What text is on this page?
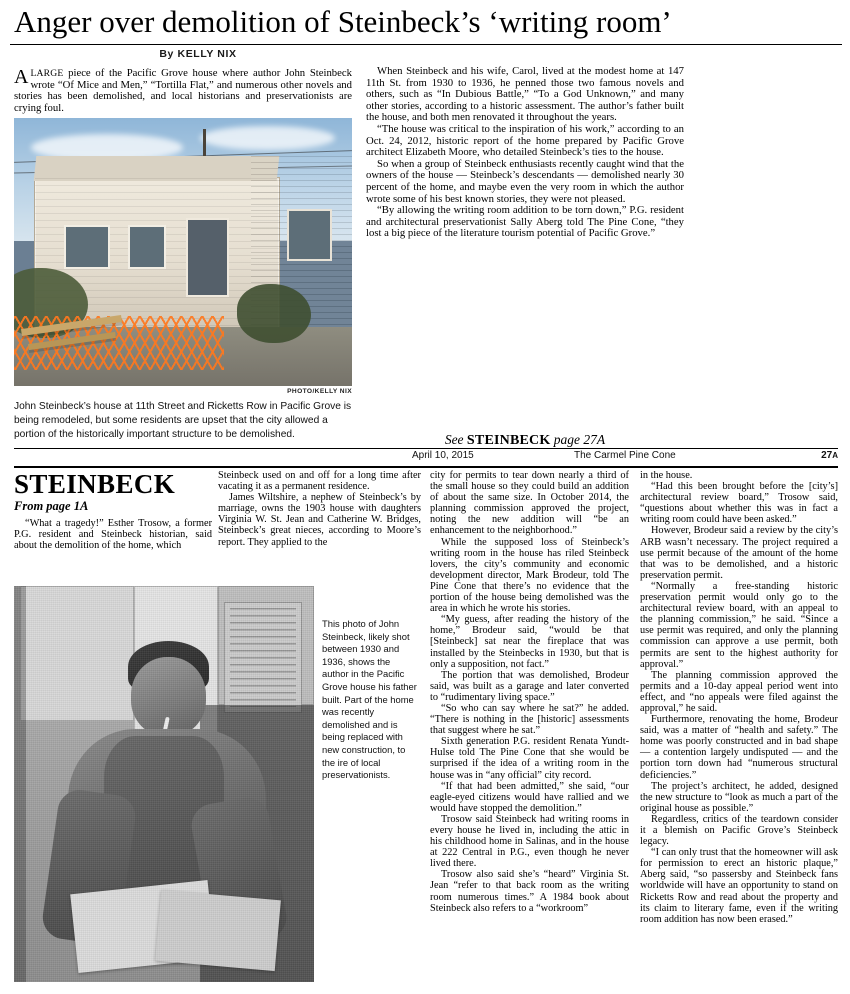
Anger over demolition of Steinbeck’s ‘writing room’
By KELLY NIX

ALARGE piece of the Pacific Grove house where author John Steinbeck wrote “Of Mice and Men,” “Tortilla Flat,” and numerous other novels and stories has been demolished, and local historians and preservationists are crying foul.

PHOTO/KELLY NIX
John Steinbeck’s house at 11th Street and Ricketts Row in Pacific Grove is being remodeled, but some residents are upset that the city allowed a portion of the historically important structure to be demolished.

When Steinbeck and his wife, Carol, lived at the modest home at 147 11th St. from 1930 to 1936, he penned those two famous novels and others, such as “In Dubious Battle,” “To a God Unknown,” and many other stories, according to a historic assessment. The author’s father built the house, and both men renovated it throughout the years.

“The house was critical to the inspiration of his work,” according to an Oct. 24, 2012, historic report of the home prepared by Pacific Grove architect Elizabeth Moore, who detailed Steinbeck’s ties to the house.

So when a group of Steinbeck enthusiasts recently caught wind that the owners of the house — Steinbeck’s descendants — demolished nearly 30 percent of the home, and maybe even the very room in which the author wrote some of his best known stories, they were not pleased.

“By allowing the writing room addition to be torn down,” P.G. resident and architectural preservationist Sally Aberg told The Pine Cone, “they lost a big piece of the literature tourism potential of Pacific Grove.”

See STEINBECK page 27A
April 10, 2015	The Carmel Pine Cone	27A
STEINBECK
From page 1A

“What a tragedy!” Esther Trosow, a former P.G. resident and Steinbeck historian, said about the demolition of the home, which

Steinbeck used on and off for a long time after vacating it as a permanent residence.

James Wiltshire, a nephew of Steinbeck’s by marriage, owns the 1903 house with daughters Virginia W. St. Jean and Catherine W. Bridges, Steinbeck’s great nieces, according to Moore’s report. They applied to the

city for permits to tear down nearly a third of the small house so they could build an addition of about the same size. In October 2014, the planning commission approved the project, noting the new addition will “be an enhancement to the neighborhood.”

While the supposed loss of Steinbeck’s writing room in the house has riled Steinbeck lovers, the city’s community and economic development director, Mark Brodeur, told The Pine Cone that there’s no evidence that the portion of the house being demolished was the area in which he wrote his stories.

“My guess, after reading the history of the home,” Brodeur said, “would be that [Steinbeck] sat near the fireplace that was installed by the Steinbecks in 1930, but that is only a supposition, not fact.”

The portion that was demolished, Brodeur said, was built as a garage and later converted to “rudimentary living space.”

“So who can say where he sat?” he added. “There is nothing in the [historic] assessments that suggest where he sat.”

Sixth generation P.G. resident Renata Yundt-Hulse told The Pine Cone that she would be surprised if the idea of a writing room in the house was in “any official” city record.

“If that had been admitted,” she said, “our eagle-eyed citizens would have rallied and we would have stopped the demolition.”

Trosow said Steinbeck had writing rooms in every house he lived in, including the attic in his childhood home in Salinas, and in the house at 222 Central in P.G., even though he never lived there.

Trosow also said she’s “heard” Virginia St. Jean “refer to that back room as the writing room numerous times.” A 1984 book about Steinbeck also refers to a “workroom”

in the house.

“Had this been brought before the [city’s] architectural review board,” Trosow said, “questions about whether this was in fact a writing room could have been asked.”

However, Brodeur said a review by the city’s ARB wasn’t necessary. The project required a use permit because of the amount of the home that was to be demolished, and a historic preservation permit.

“Normally a free-standing historic preservation permit would only go to the architectural review board, with an appeal to the planning commission,” he said. “Since a use permit was required, and only the planning commission can approve a use permit, both permits are sent to the highest authority for approval.”

The planning commission approved the permits and a 10-day appeal period went into effect, and “no appeals were filed against the approval,” he said.

Furthermore, renovating the home, Brodeur said, was a matter of “health and safety.” The home was poorly constructed and in bad shape — a contention largely undisputed — and the portion torn down had “numerous structural deficiencies.”

The project’s architect, he added, designed the new structure to “look as much a part of the original house as possible.”

Regardless, critics of the teardown consider it a blemish on Pacific Grove’s Steinbeck legacy.

“I can only trust that the homeowner will ask for permission to erect an historic plaque,” Aberg said, “so passersby and Steinbeck fans worldwide will have an opportunity to stand on Ricketts Row and read about the property and its claim to literary fame, even if the writing room addition has now been erased.”

This photo of John Steinbeck, likely shot between 1930 and 1936, shows the author in the Pacific Grove house his father built. Part of the home was recently demolished and is being replaced with new construction, to the ire of local preservationists.
